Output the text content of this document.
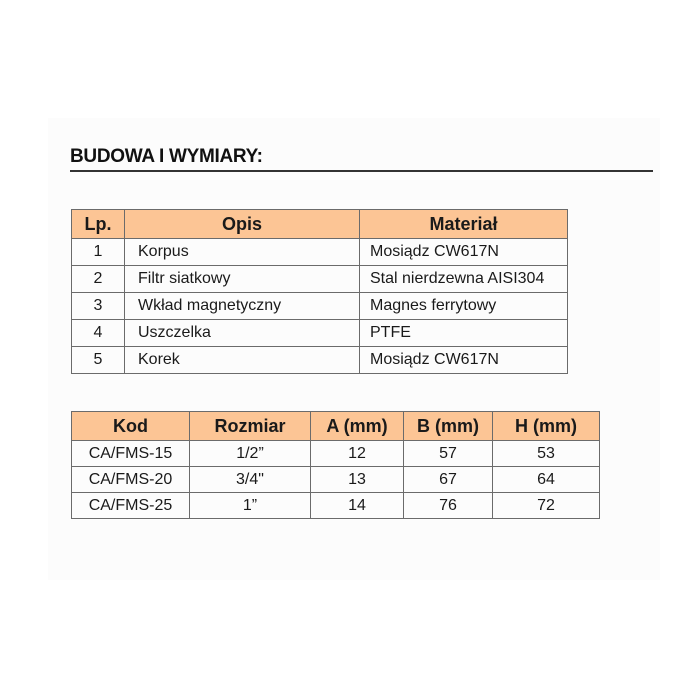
BUDOWA I WYMIARY:
Lp.	Opis	Materiał
1	Korpus	Mosiądz CW617N
2	Filtr siatkowy	Stal nierdzewna AISI304
3	Wkład magnetyczny	Magnes ferrytowy
4	Uszczelka	PTFE
5	Korek	Mosiądz CW617N
Kod	Rozmiar	A (mm)	B (mm)	H (mm)
CA/FMS-15	1/2”	12	57	53
CA/FMS-20	3/4"	13	67	64
CA/FMS-25	1”	14	76	72
